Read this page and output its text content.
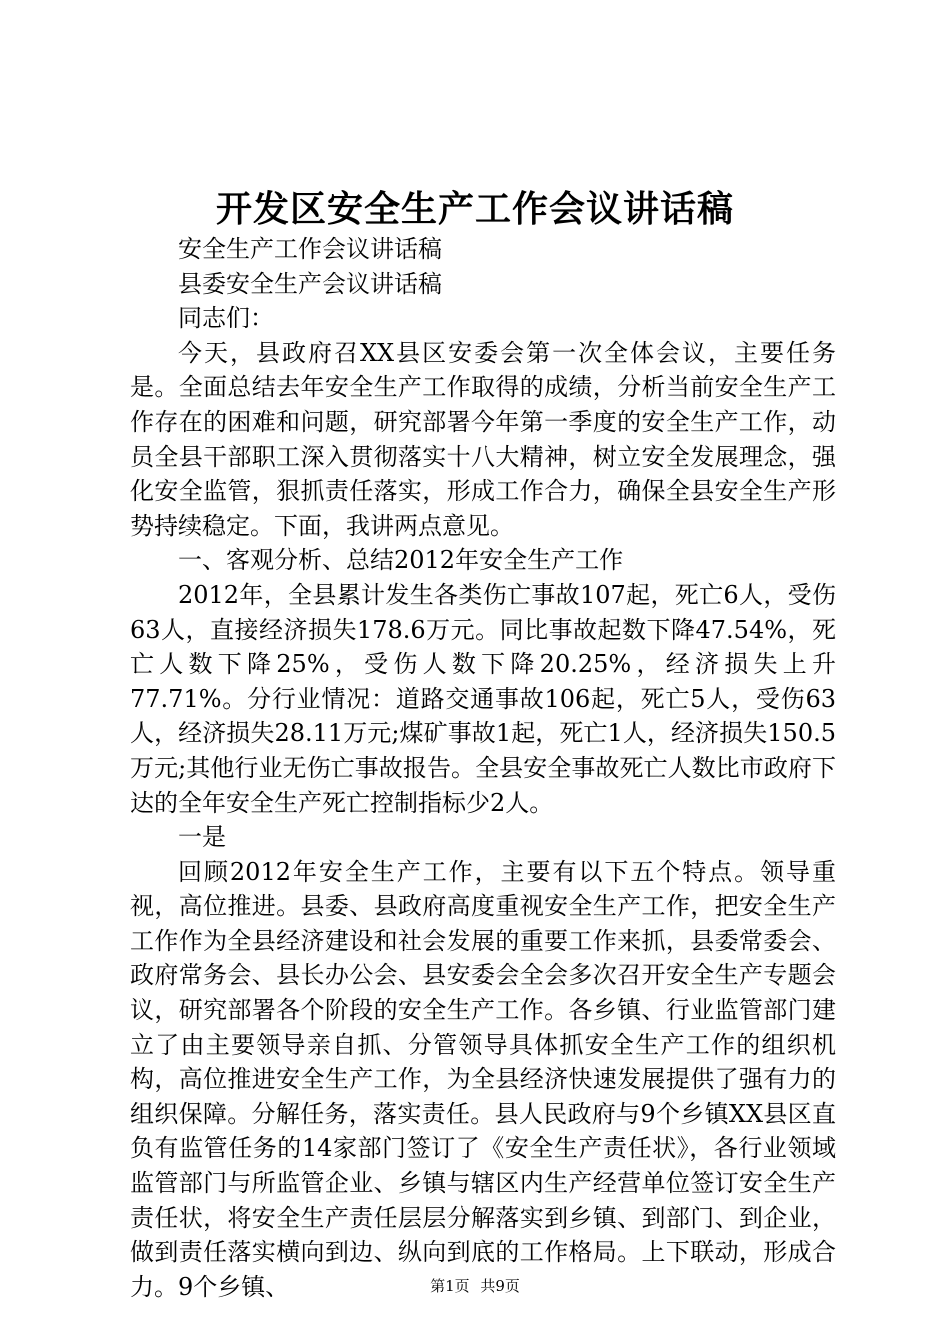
开发区安全生产工作会议讲话稿

安全生产工作会议讲话稿

县委安全生产会议讲话稿

同志们：

今天，县政府召XX县区安委会第一次全体会议，主要任务是。全面总结去年安全生产工作取得的成绩，分析当前安全生产工作存在的困难和问题，研究部署今年第一季度的安全生产工作，动员全县干部职工深入贯彻落实十八大精神，树立安全发展理念，强化安全监管，狠抓责任落实，形成工作合力，确保全县安全生产形势持续稳定。下面，我讲两点意见。

一、客观分析、总结2012年安全生产工作

2012年，全县累计发生各类伤亡事故107起，死亡6人，受伤63人，直接经济损失178.6万元。同比事故起数下降47.54%，死亡人数下降25%，受伤人数下降20.25%，经济损失上升77.71%。分行业情况：道路交通事故106起，死亡5人，受伤63人，经济损失28.11万元;煤矿事故1起，死亡1人，经济损失150.5万元;其他行业无伤亡事故报告。全县安全事故死亡人数比市政府下达的全年安全生产死亡控制指标少2人。

一是

回顾2012年安全生产工作，主要有以下五个特点。领导重视，高位推进。县委、县政府高度重视安全生产工作，把安全生产工作作为全县经济建设和社会发展的重要工作来抓，县委常委会、政府常务会、县长办公会、县安委会全会多次召开安全生产专题会议，研究部署各个阶段的安全生产工作。各乡镇、行业监管部门建立了由主要领导亲自抓、分管领导具体抓安全生产工作的组织机构，高位推进安全生产工作，为全县经济快速发展提供了强有力的组织保障。分解任务，落实责任。县人民政府与9个乡镇XX县区直负有监管任务的14家部门签订了《安全生产责任状》，各行业领域监管部门与所监管企业、乡镇与辖区内生产经营单位签订安全生产责任状，将安全生产责任层层分解落实到乡镇、到部门、到企业，做到责任落实横向到边、纵向到底的工作格局。上下联动，形成合力。9个乡镇、	第1页 共9页
